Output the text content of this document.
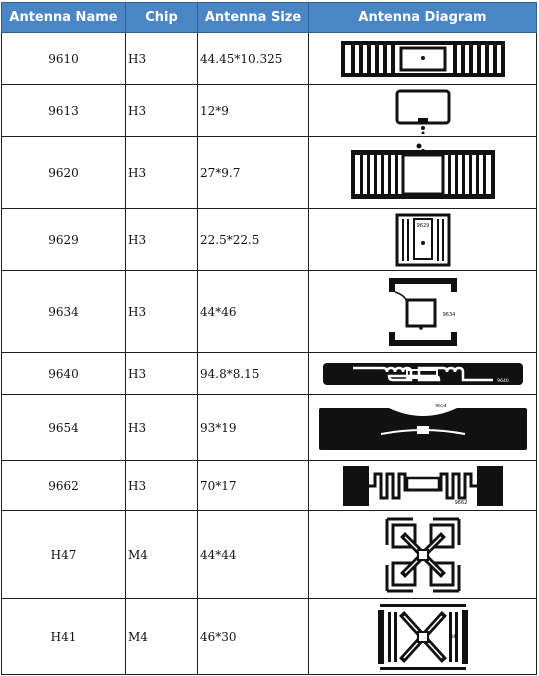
Antenna Name	Chip	Antenna Size	Antenna Diagram
9610	H3	44.45*10.325	

9613	H3	12*9	

9620	H3	27*9.7	

9629	H3	22.5*22.5	9629

9634	H3	44*46	9634

9640	H3	94.8*8.15	9640

9654	H3	93*19	9654

9662	H3	70*17	9662

H47	M4	44*44	

H41	M4	46*30	H41
